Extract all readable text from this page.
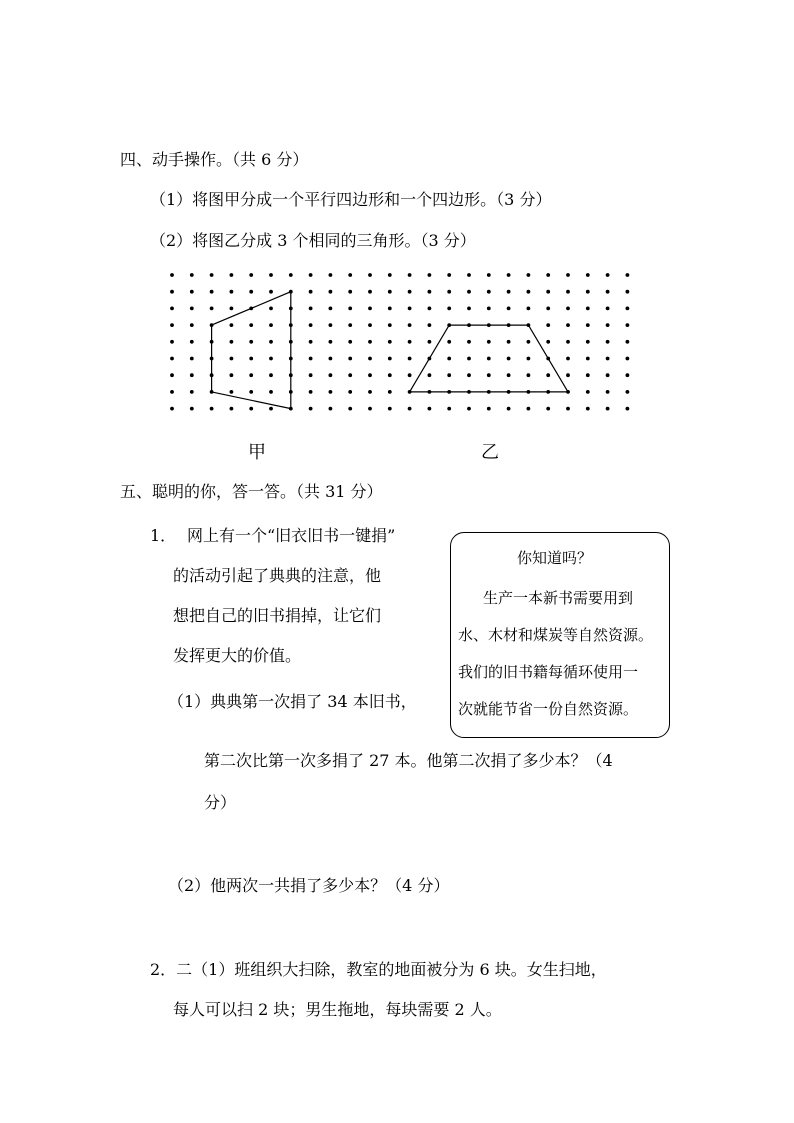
四、动手操作。（共 6 分）
（1）将图甲分成一个平行四边形和一个四边形。（3 分）
（2）将图乙分成 3 个相同的三角形。（3 分）
甲	乙
五、聪明的你，答一答。（共 31 分）
1． 网上有一个“旧衣旧书一键捐”
的活动引起了典典的注意，他
想把自己的旧书捐掉，让它们
发挥更大的价值。
（1）典典第一次捐了 34 本旧书，
第二次比第一次多捐了 27 本。他第二次捐了多少本？（4
分）
（2）他两次一共捐了多少本？（4 分）
你知道吗？
生产一本新书需要用到
水、木材和煤炭等自然资源。
我们的旧书籍每循环使用一
次就能节省一份自然资源。
2．二（1）班组织大扫除，教室的地面被分为 6 块。女生扫地，
每人可以扫 2 块；男生拖地，每块需要 2 人。
